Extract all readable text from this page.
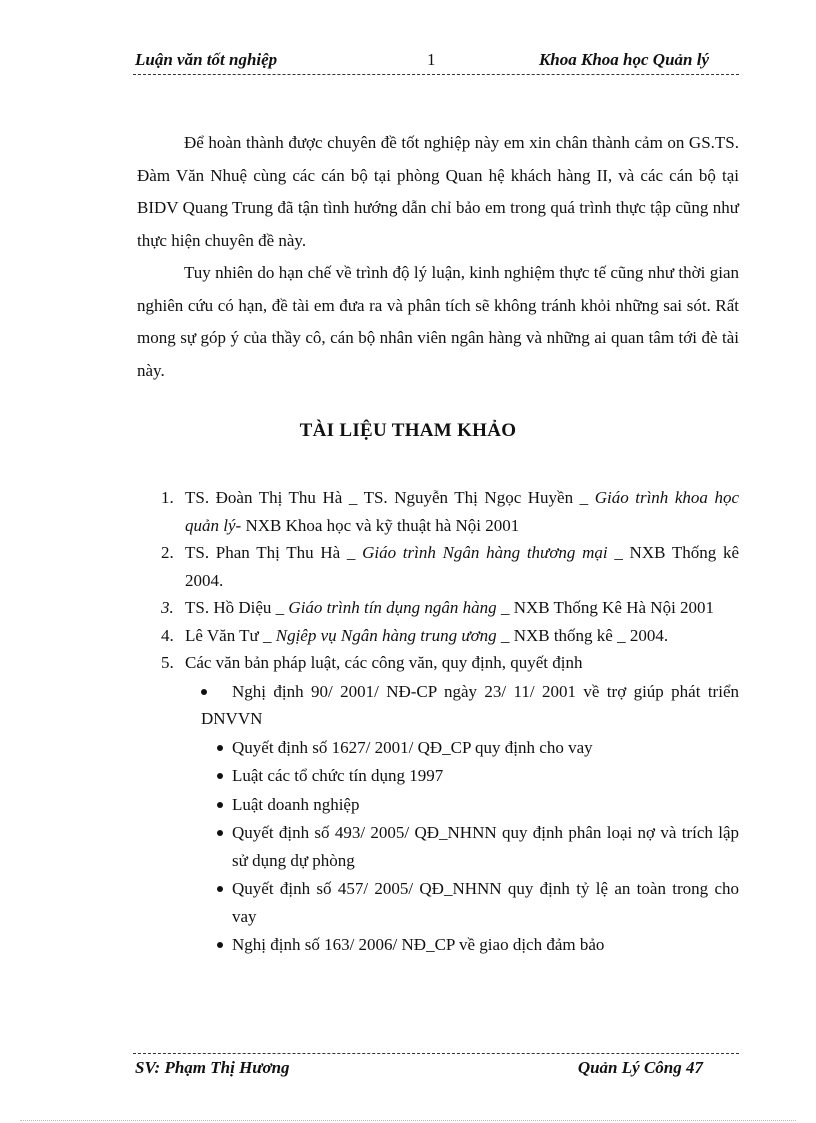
Luận văn tốt nghiệp	1	Khoa Khoa học Quản lý

Để hoàn thành được chuyên đề tốt nghiệp này em xin chân thành cảm on GS.TS. Đàm Văn Nhuệ cùng các cán bộ tại phòng Quan hệ khách hàng II, và các cán bộ tại BIDV Quang Trung đã tận tình hướng dẫn chỉ bảo em trong quá trình thực tập cũng như thực hiện chuyên đề này.

Tuy nhiên do hạn chế về trình độ lý luận, kinh nghiệm thực tế cũng như thời gian nghiên cứu có hạn, đề tài em đưa ra và phân tích sẽ không tránh khỏi những sai sót. Rất mong sự góp ý của thầy cô, cán bộ nhân viên ngân hàng và những ai quan tâm tới đè tài này.

TÀI LIỆU THAM KHẢO
1. TS. Đoàn Thị Thu Hà _ TS. Nguyễn Thị Ngọc Huyền _ Giáo trình khoa học quản lý- NXB Khoa học và kỹ thuật hà Nội 2001
2. TS. Phan Thị Thu Hà _ Giáo trình Ngân hàng thương mại _ NXB Thống kê 2004.
3. TS. Hồ Diệu _ Giáo trình tín dụng ngân hàng _ NXB Thống Kê Hà Nội 2001
4. Lê Văn Tư _ Ngịêp vụ Ngân hàng trung ương _ NXB thống kê _ 2004.
5. Các văn bản pháp luật, các công văn, quy định, quyết định
Nghị định 90/ 2001/ NĐ-CP ngày 23/ 11/ 2001 về trợ giúp phát triển DNVVN
Quyết định số 1627/ 2001/ QĐ_CP quy định cho vay
Luật các tổ chức tín dụng 1997
Luật doanh nghiệp
Quyết định số 493/ 2005/ QĐ_NHNN quy định phân loại nợ và trích lập sử dụng dự phòng
Quyết định số 457/ 2005/ QĐ_NHNN quy định tỷ lệ an toàn trong cho vay
Nghị định số 163/ 2006/ NĐ_CP về giao dịch đảm bảo
SV: Phạm Thị Hương	Quản Lý Công 47
